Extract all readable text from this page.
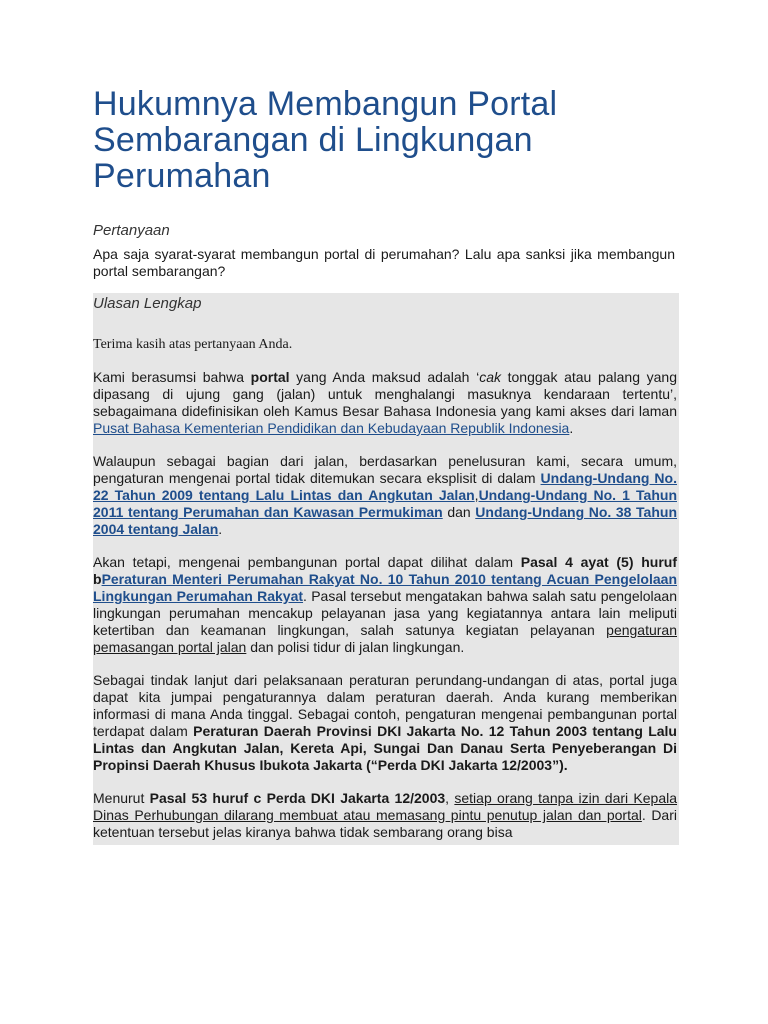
Hukumnya Membangun Portal Sembarangan di Lingkungan Perumahan
Pertanyaan

Apa saja syarat-syarat membangun portal di perumahan? Lalu apa sanksi jika membangun portal sembarangan?

Ulasan Lengkap

Terima kasih atas pertanyaan Anda.

Kami berasumsi bahwa portal yang Anda maksud adalah ‘cak tonggak atau palang yang dipasang di ujung gang (jalan) untuk menghalangi masuknya kendaraan tertentu’, sebagaimana didefinisikan oleh Kamus Besar Bahasa Indonesia yang kami akses dari laman Pusat Bahasa Kementerian Pendidikan dan Kebudayaan Republik Indonesia.

Walaupun sebagai bagian dari jalan, berdasarkan penelusuran kami, secara umum, pengaturan mengenai portal tidak ditemukan secara eksplisit di dalam Undang-Undang No. 22 Tahun 2009 tentang Lalu Lintas dan Angkutan Jalan,Undang-Undang No. 1 Tahun 2011 tentang Perumahan dan Kawasan Permukiman dan Undang-Undang No. 38 Tahun 2004 tentang Jalan.

Akan tetapi, mengenai pembangunan portal dapat dilihat dalam Pasal 4 ayat (5) huruf bPeraturan Menteri Perumahan Rakyat No. 10 Tahun 2010 tentang Acuan Pengelolaan Lingkungan Perumahan Rakyat. Pasal tersebut mengatakan bahwa salah satu pengelolaan lingkungan perumahan mencakup pelayanan jasa yang kegiatannya antara lain meliputi ketertiban dan keamanan lingkungan, salah satunya kegiatan pelayanan pengaturan pemasangan portal jalan dan polisi tidur di jalan lingkungan.

Sebagai tindak lanjut dari pelaksanaan peraturan perundang-undangan di atas, portal juga dapat kita jumpai pengaturannya dalam peraturan daerah. Anda kurang memberikan informasi di mana Anda tinggal. Sebagai contoh, pengaturan mengenai pembangunan portal terdapat dalam Peraturan Daerah Provinsi DKI Jakarta No. 12 Tahun 2003 tentang Lalu Lintas dan Angkutan Jalan, Kereta Api, Sungai Dan Danau Serta Penyeberangan Di Propinsi Daerah Khusus Ibukota Jakarta (“Perda DKI Jakarta 12/2003”).

Menurut Pasal 53 huruf c Perda DKI Jakarta 12/2003, setiap orang tanpa izin dari Kepala Dinas Perhubungan dilarang membuat atau memasang pintu penutup jalan dan portal. Dari ketentuan tersebut jelas kiranya bahwa tidak sembarang orang bisa
